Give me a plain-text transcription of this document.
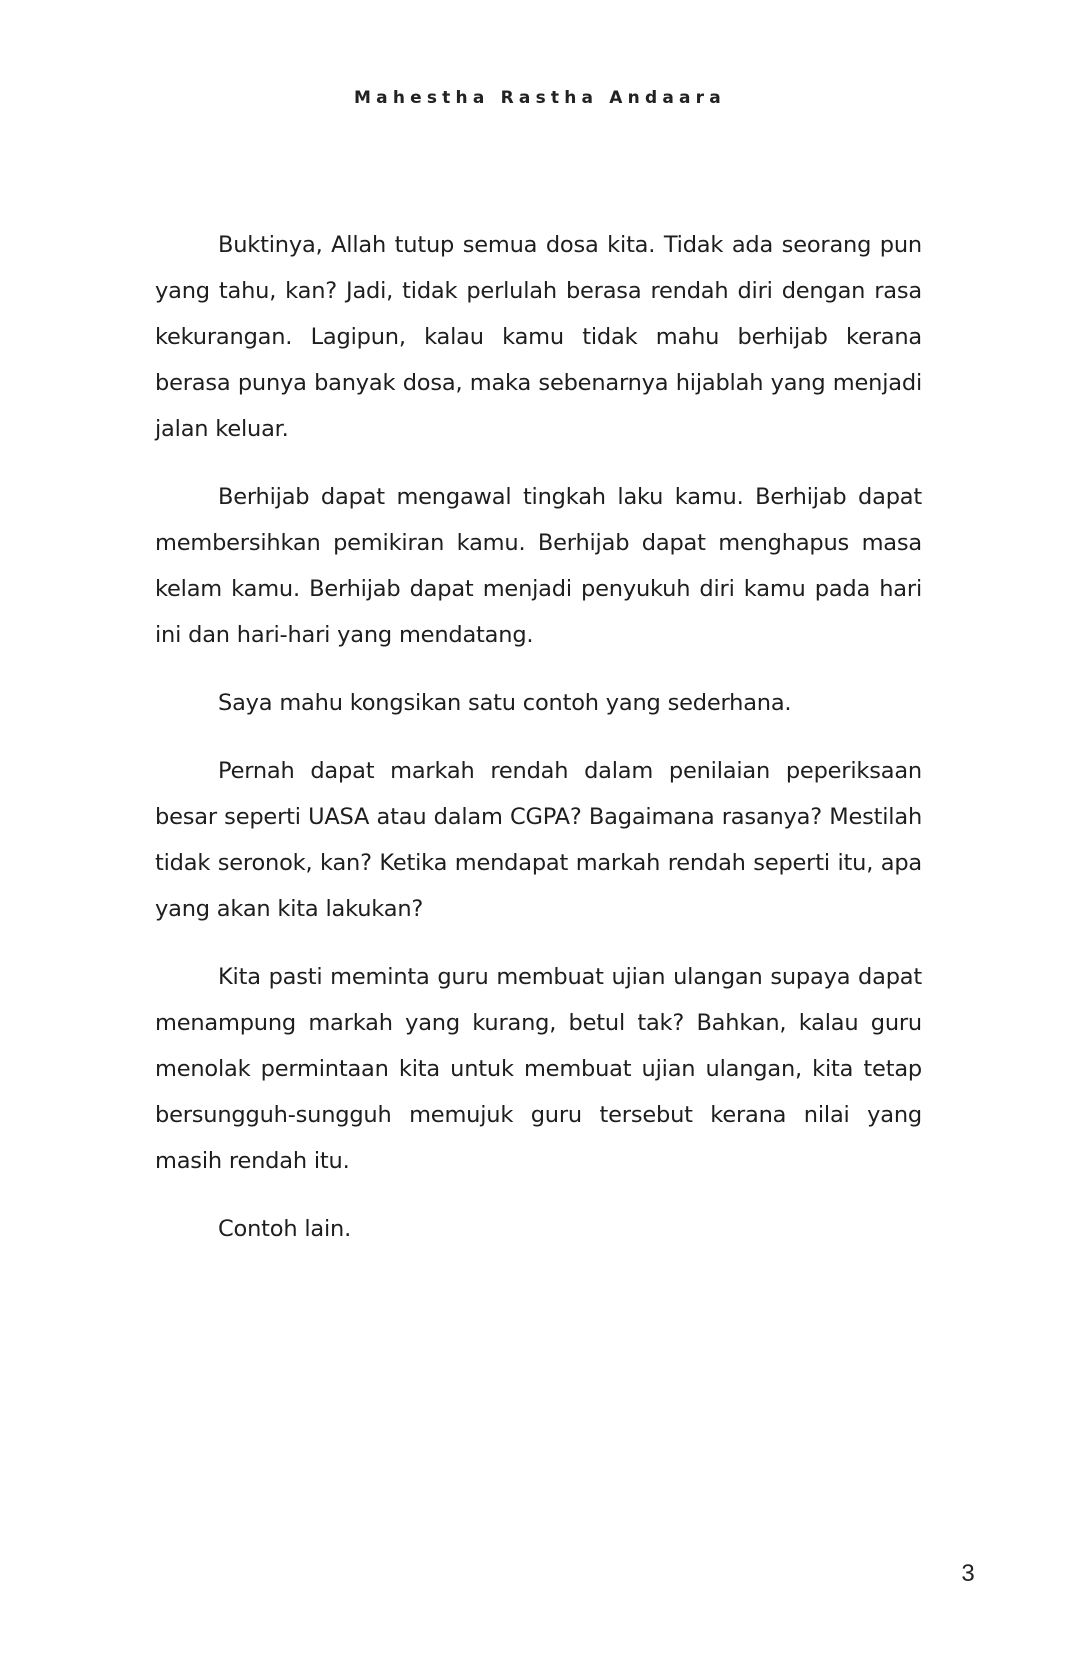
Mahestha Rastha Andaara

Buktinya, Allah tutup semua dosa kita. Tidak ada seorang pun yang tahu, kan? Jadi, tidak perlulah berasa rendah diri dengan rasa kekurangan. Lagipun, kalau kamu tidak mahu berhijab kerana berasa punya banyak dosa, maka sebenarnya hijablah yang menjadi jalan keluar.

Berhijab dapat mengawal tingkah laku kamu. Berhijab dapat membersihkan pemikiran kamu. Berhijab dapat menghapus masa kelam kamu. Berhijab dapat menjadi penyukuh diri kamu pada hari ini dan hari-hari yang mendatang.

Saya mahu kongsikan satu contoh yang sederhana.

Pernah dapat markah rendah dalam penilaian peperiksaan besar seperti UASA atau dalam CGPA? Bagaimana rasanya? Mestilah tidak seronok, kan? Ketika mendapat markah rendah seperti itu, apa yang akan kita lakukan?

Kita pasti meminta guru membuat ujian ulangan supaya dapat menampung markah yang kurang, betul tak? Bahkan, kalau guru menolak permintaan kita untuk membuat ujian ulangan, kita tetap bersungguh-sungguh memujuk guru tersebut kerana nilai yang masih rendah itu.

Contoh lain.

3
